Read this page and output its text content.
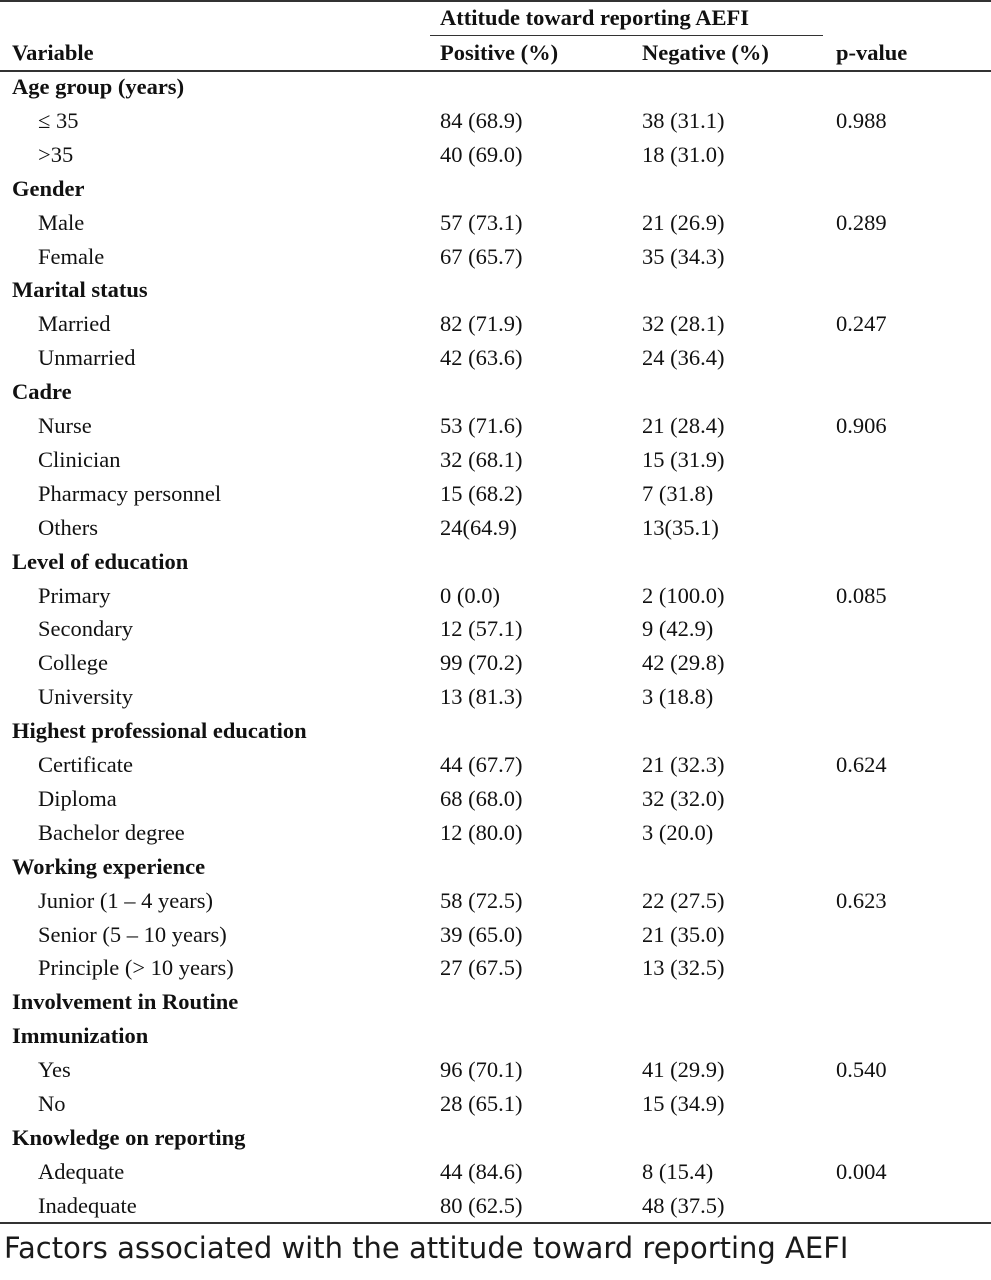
Attitude toward reporting AEFI
Variable	Positive (%)	Negative (%)	p-value
Age group (years)
≤ 35	84 (68.9)	38 (31.1)	0.988
>35	40 (69.0)	18 (31.0)
Gender
Male	57 (73.1)	21 (26.9)	0.289
Female	67 (65.7)	35 (34.3)
Marital status
Married	82 (71.9)	32 (28.1)	0.247
Unmarried	42 (63.6)	24 (36.4)
Cadre
Nurse	53 (71.6)	21 (28.4)	0.906
Clinician	32 (68.1)	15 (31.9)
Pharmacy personnel	15 (68.2)	7 (31.8)
Others	24(64.9)	13(35.1)
Level of education
Primary	0 (0.0)	2 (100.0)	0.085
Secondary	12 (57.1)	9 (42.9)
College	99 (70.2)	42 (29.8)
University	13 (81.3)	3 (18.8)
Highest professional education
Certificate	44 (67.7)	21 (32.3)	0.624
Diploma	68 (68.0)	32 (32.0)
Bachelor degree	12 (80.0)	3 (20.0)
Working experience
Junior (1 – 4 years)	58 (72.5)	22 (27.5)	0.623
Senior (5 – 10 years)	39 (65.0)	21 (35.0)
Principle (> 10 years)	27 (67.5)	13 (32.5)
Involvement in Routine
Immunization
Yes	96 (70.1)	41 (29.9)	0.540
No	28 (65.1)	15 (34.9)
Knowledge on reporting
Adequate	44 (84.6)	8 (15.4)	0.004
Inadequate	80 (62.5)	48 (37.5)
Factors associated with the attitude toward reporting AEFI
